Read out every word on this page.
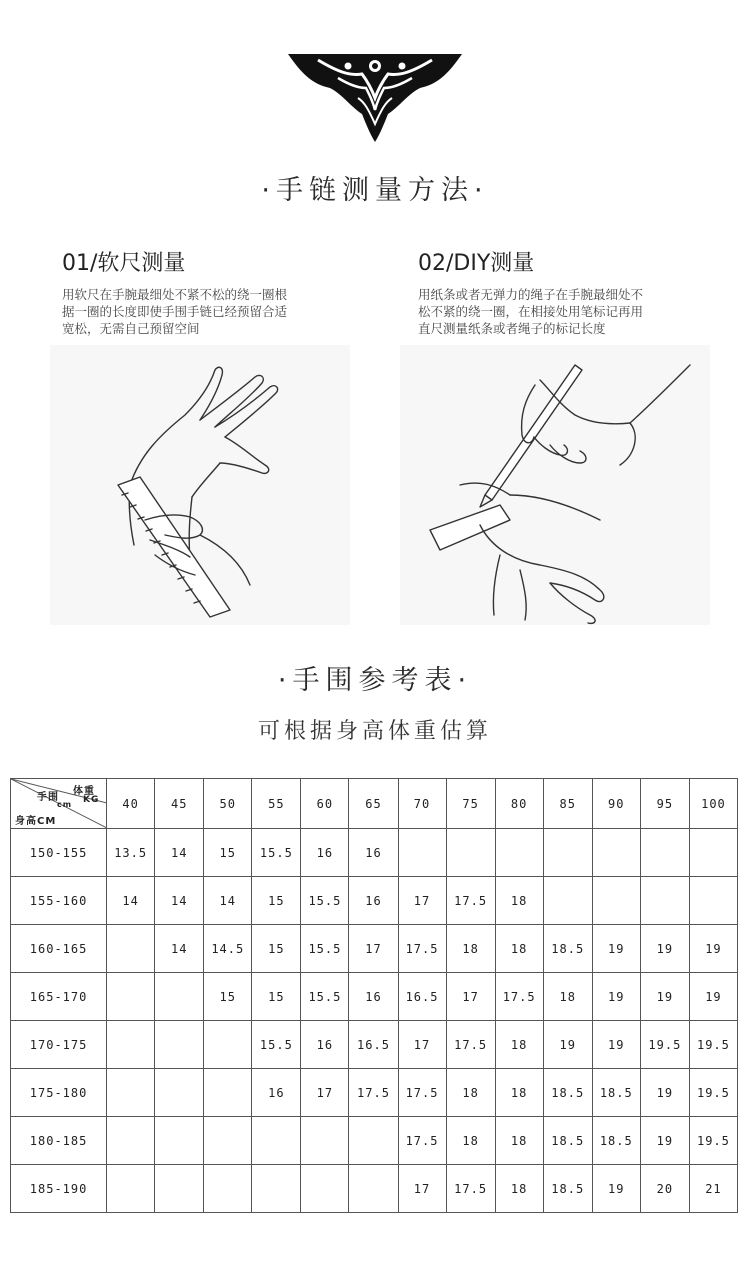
·手链测量方法·
01/软尺测量
用软尺在手腕最细处不紧不松的绕一圈根
据一圈的长度即使手围手链已经预留合适
宽松，无需自己预留空间
02/DIY测量
用纸条或者无弹力的绳子在手腕最细处不
松不紧的绕一圈，在相接处用笔标记再用
直尺测量纸条或者绳子的标记长度
·手围参考表·
可根据身高体重估算
体重
KG
手围
cm
身高CM	40	45	50	55	60	65	70	75	80	85	90	95	100
150-155	13.5	14	15	15.5	16	16							
155-160	14	14	14	15	15.5	16	17	17.5	18				
160-165		14	14.5	15	15.5	17	17.5	18	18	18.5	19	19	19
165-170			15	15	15.5	16	16.5	17	17.5	18	19	19	19
170-175				15.5	16	16.5	17	17.5	18	19	19	19.5	19.5
175-180				16	17	17.5	17.5	18	18	18.5	18.5	19	19.5
180-185							17.5	18	18	18.5	18.5	19	19.5
185-190							17	17.5	18	18.5	19	20	21
